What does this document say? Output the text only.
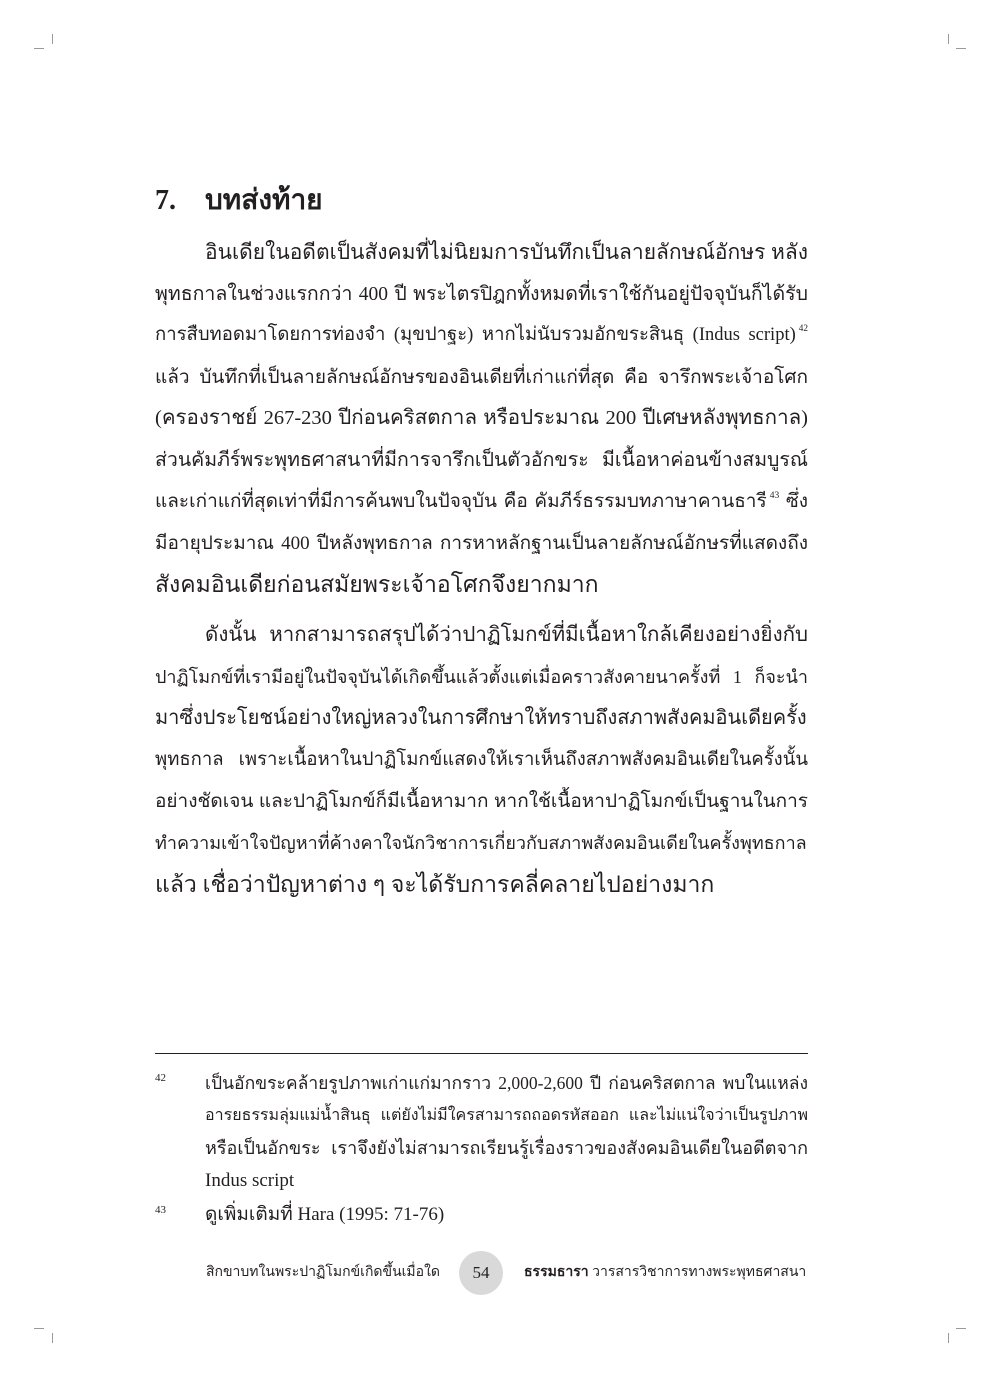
7. บทส่งท้าย
อินเดียในอดีตเป็นสังคมที่ไม่นิยมการบันทึกเป็นลายลักษณ์อักษร หลัง
พุทธกาลในช่วงแรกกว่า 400 ปี พระไตรปิฎกทั้งหมดที่เราใช้กันอยู่ปัจจุบันก็ได้รับ
การสืบทอดมาโดยการท่องจำ (มุขปาฐะ) หากไม่นับรวมอักขระสินธุ (Indus script) $^{42}$
แล้ว บันทึกที่เป็นลายลักษณ์อักษรของอินเดียที่เก่าแก่ที่สุด คือ จารึกพระเจ้าอโศก
(ครองราชย์ 267-230 ปีก่อนคริสตกาล หรือประมาณ 200 ปีเศษหลังพุทธกาล)
ส่วนคัมภีร์พระพุทธศาสนาที่มีการจารึกเป็นตัวอักขระ มีเนื้อหาค่อนข้างสมบูรณ์
และเก่าแก่ที่สุดเท่าที่มีการค้นพบในปัจจุบัน คือ คัมภีร์ธรรมบทภาษาคานธารี $^{43}$ ซึ่ง
มีอายุประมาณ 400 ปีหลังพุทธกาล การหาหลักฐานเป็นลายลักษณ์อักษรที่แสดงถึง
สังคมอินเดียก่อนสมัยพระเจ้าอโศกจึงยากมาก
ดังนั้น หากสามารถสรุปได้ว่าปาฏิโมกข์ที่มีเนื้อหาใกล้เคียงอย่างยิ่งกับ
ปาฏิโมกข์ที่เรามีอยู่ในปัจจุบันได้เกิดขึ้นแล้วตั้งแต่เมื่อคราวสังคายนาครั้งที่ 1 ก็จะนำ
มาซึ่งประโยชน์อย่างใหญ่หลวงในการศึกษาให้ทราบถึงสภาพสังคมอินเดียครั้ง
พุทธกาล เพราะเนื้อหาในปาฏิโมกข์แสดงให้เราเห็นถึงสภาพสังคมอินเดียในครั้งนั้น
อย่างชัดเจน และปาฏิโมกข์ก็มีเนื้อหามาก หากใช้เนื้อหาปาฏิโมกข์เป็นฐานในการ
ทำความเข้าใจปัญหาที่ค้างคาใจนักวิชาการเกี่ยวกับสภาพสังคมอินเดียในครั้งพุทธกาล
แล้ว เชื่อว่าปัญหาต่าง ๆ จะได้รับการคลี่คลายไปอย่างมาก
42 เป็นอักขระคล้ายรูปภาพเก่าแก่มากราว 2,000-2,600 ปี ก่อนคริสตกาล พบในแหล่ง
อารยธรรมลุ่มแม่น้ำสินธุ แต่ยังไม่มีใครสามารถถอดรหัสออก และไม่แน่ใจว่าเป็นรูปภาพ
หรือเป็นอักขระ เราจึงยังไม่สามารถเรียนรู้เรื่องราวของสังคมอินเดียในอดีตจาก
Indus script
43 ดูเพิ่มเติมที่ Hara (1995: 71-76)
สิกขาบทในพระปาฏิโมกข์เกิดขึ้นเมื่อใด	54	ธรรมธารา วารสารวิชาการทางพระพุทธศาสนา
